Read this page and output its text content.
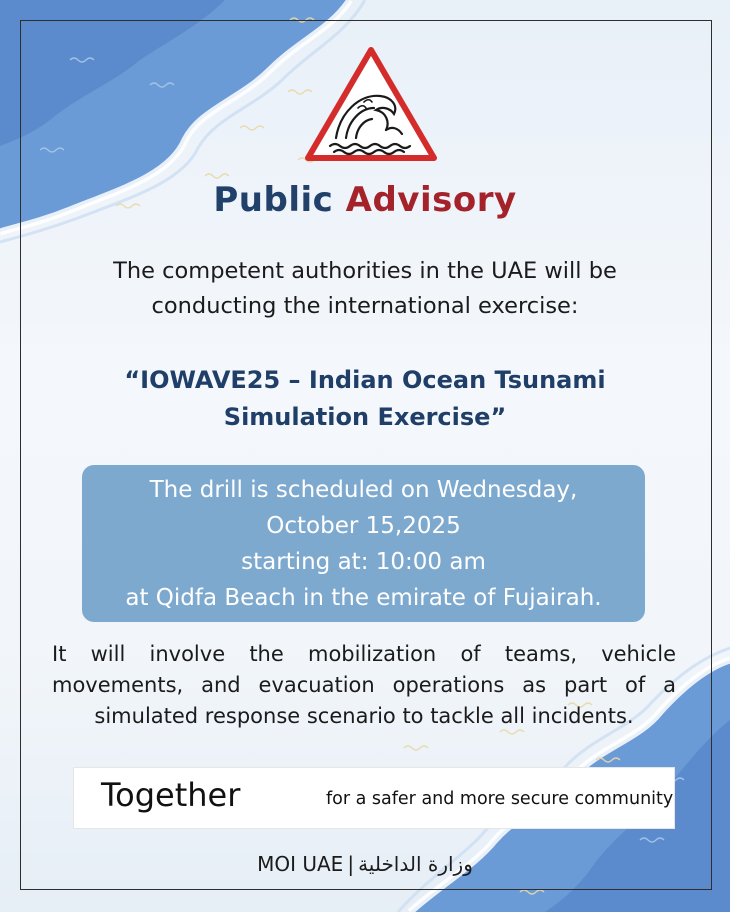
Public Advisory
The competent authorities in the UAE will be
conducting the international exercise:
“IOWAVE25 – Indian Ocean Tsunami
Simulation Exercise”
The drill is scheduled on Wednesday,
October 15,2025
starting at: 10:00 am
at Qidfa Beach in the emirate of Fujairah.
It will involve the mobilization of teams, vehicle
movements, and evacuation operations as part of a
simulated response scenario to tackle all incidents.
Together	for a safer and more secure community
MOI UAE | وزارة الداخلية
